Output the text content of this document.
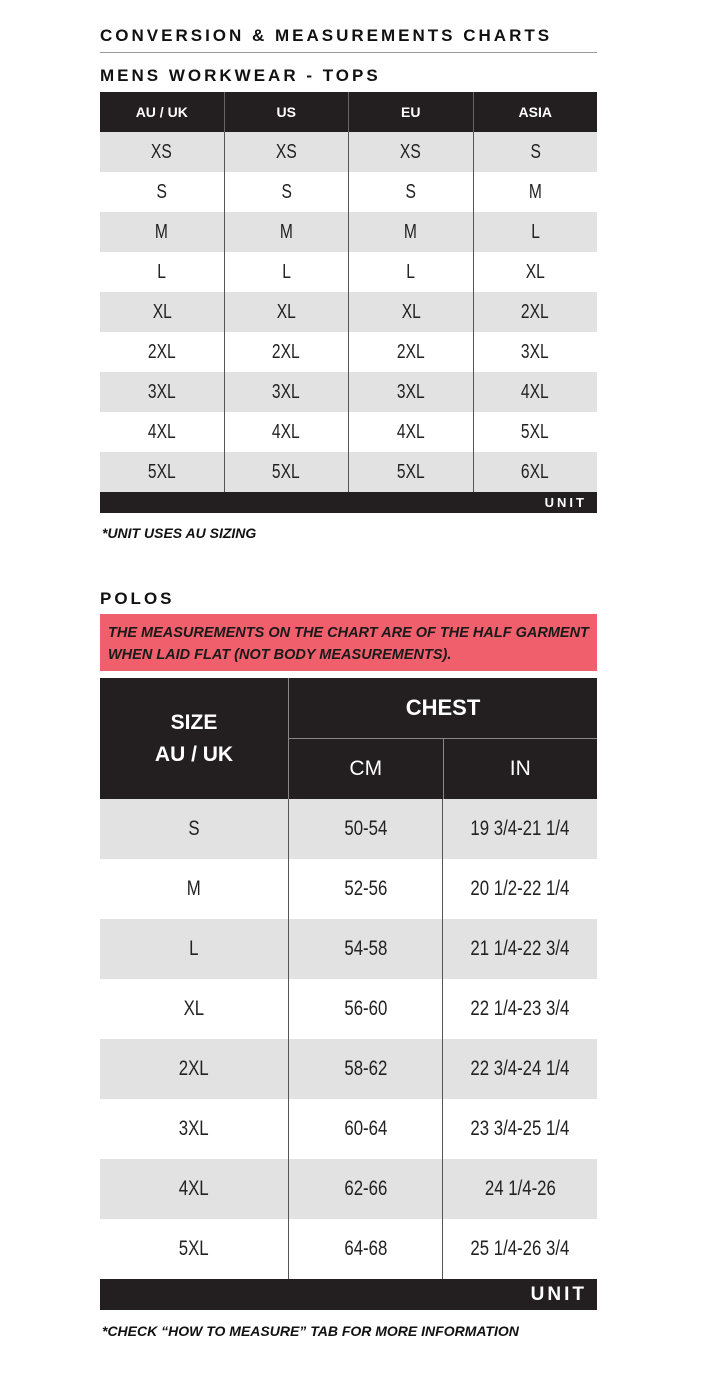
CONVERSION & MEASUREMENTS CHARTS
MENS WORKWEAR - TOPS
AU / UK	US	EU	ASIA
XS	XS	XS	S
S	S	S	M
M	M	M	L
L	L	L	XL
XL	XL	XL	2XL
2XL	2XL	2XL	3XL
3XL	3XL	3XL	4XL
4XL	4XL	4XL	5XL
5XL	5XL	5XL	6XL
UNIT
*UNIT USES AU SIZING
POLOS
THE MEASUREMENTS ON THE CHART ARE OF THE HALF GARMENT WHEN LAID FLAT (NOT BODY MEASUREMENTS).
SIZE
AU / UK
CHEST
CM	IN
S	50-54	19 3/4-21 1/4
M	52-56	20 1/2-22 1/4
L	54-58	21 1/4-22 3/4
XL	56-60	22 1/4-23 3/4
2XL	58-62	22 3/4-24 1/4
3XL	60-64	23 3/4-25 1/4
4XL	62-66	24 1/4-26
5XL	64-68	25 1/4-26 3/4
UNIT
*CHECK “HOW TO MEASURE” TAB FOR MORE INFORMATION
